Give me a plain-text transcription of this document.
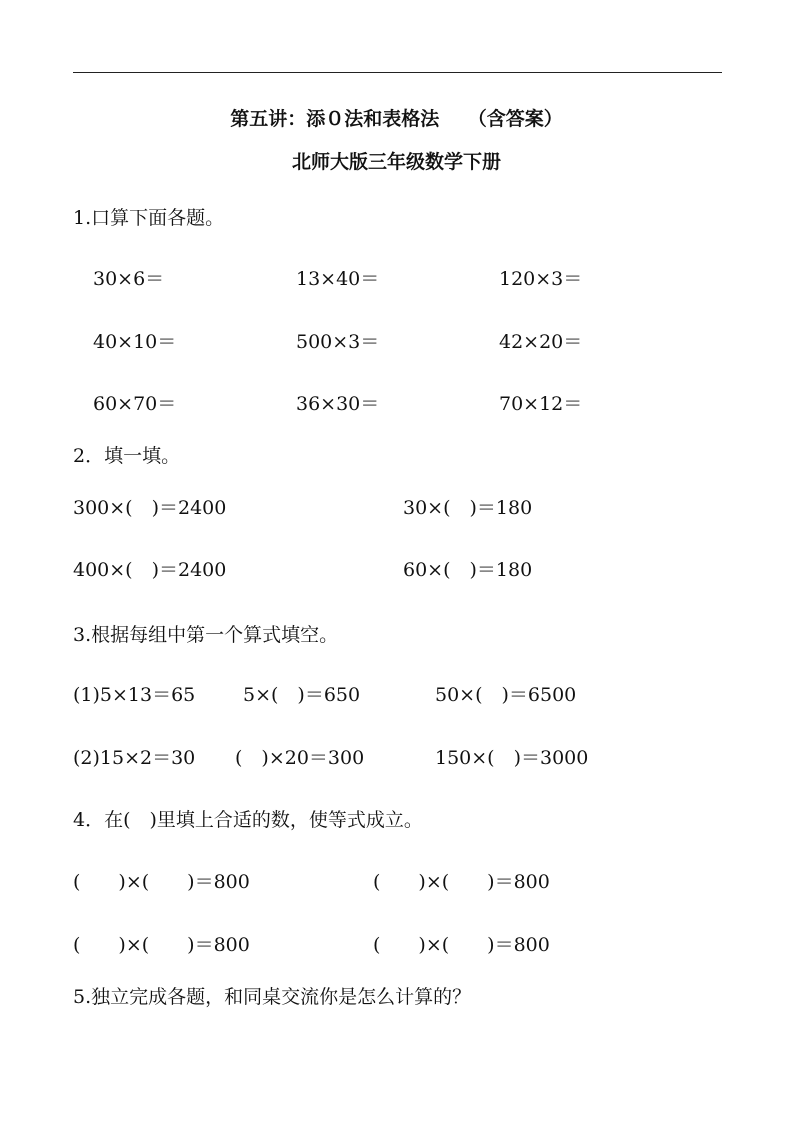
第五讲：添０法和表格法　　（含答案）
北师大版三年级数学下册
1.口算下面各题。
30×6＝	13×40＝	120×3＝
40×10＝	500×3＝	42×20＝
60×70＝	36×30＝	70×12＝
2．填一填。
300×(　)＝2400	30×(　)＝180
400×(　)＝2400	60×(　)＝180
3.根据每组中第一个算式填空。
(1)5×13＝65	5×(　)＝650	50×(　)＝6500
(2)15×2＝30 (　)×20＝300	150×(　)＝3000
4．在(　)里填上合适的数，使等式成立。
(　　)×(　　)＝800	(　　)×(　　)＝800
(　　)×(　　)＝800	(　　)×(　　)＝800
5.独立完成各题，和同桌交流你是怎么计算的？
